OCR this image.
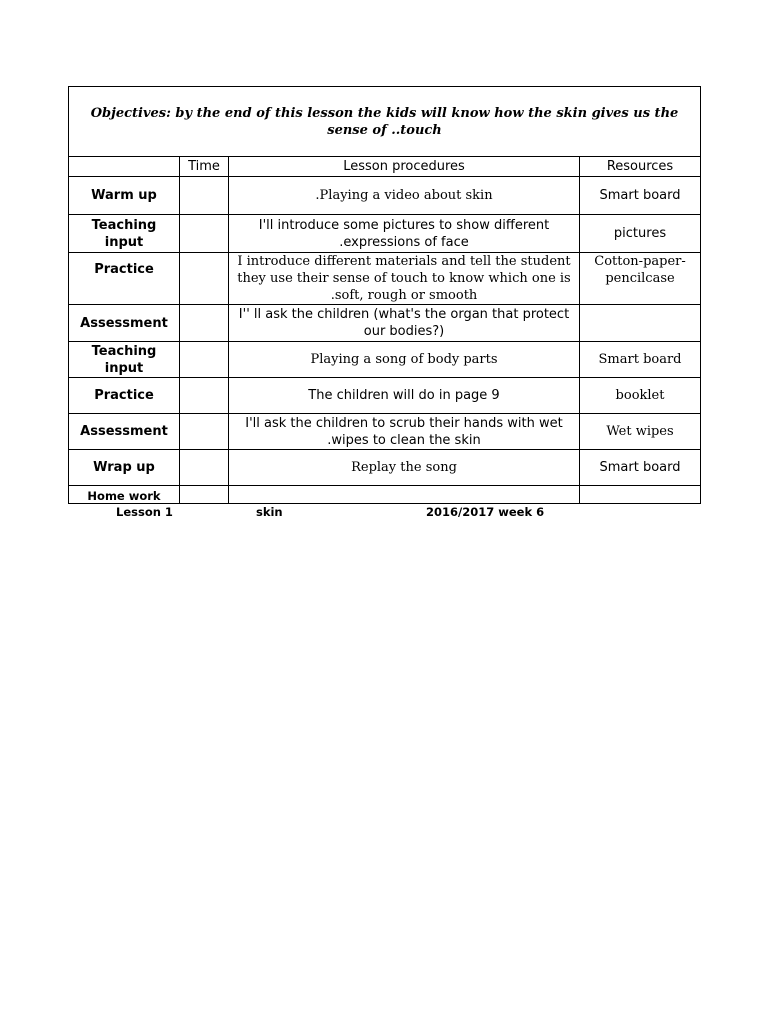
Objectives: by the end of this lesson the kids will know how the skin gives us the sense of ..touch			
	Time	Lesson procedures	Resources
Warm up		.Playing a video about skin	Smart board
Teaching input		I'll introduce some pictures to show different .expressions of face	pictures
Practice		I introduce different materials and tell the student they use their sense of touch to know which one is .soft, rough or smooth	Cotton-paper-pencilcase
Assessment		I'' ll ask the children (what's the organ that protect our bodies?)	
Teaching input		Playing a song of body parts	Smart board
Practice		The children will do in page 9	booklet
Assessment		I'll ask the children to scrub their hands with wet .wipes to clean the skin	Wet wipes
Wrap up		Replay the song	Smart board
Home work			
Lesson 1	skin	2016/2017 week 6
